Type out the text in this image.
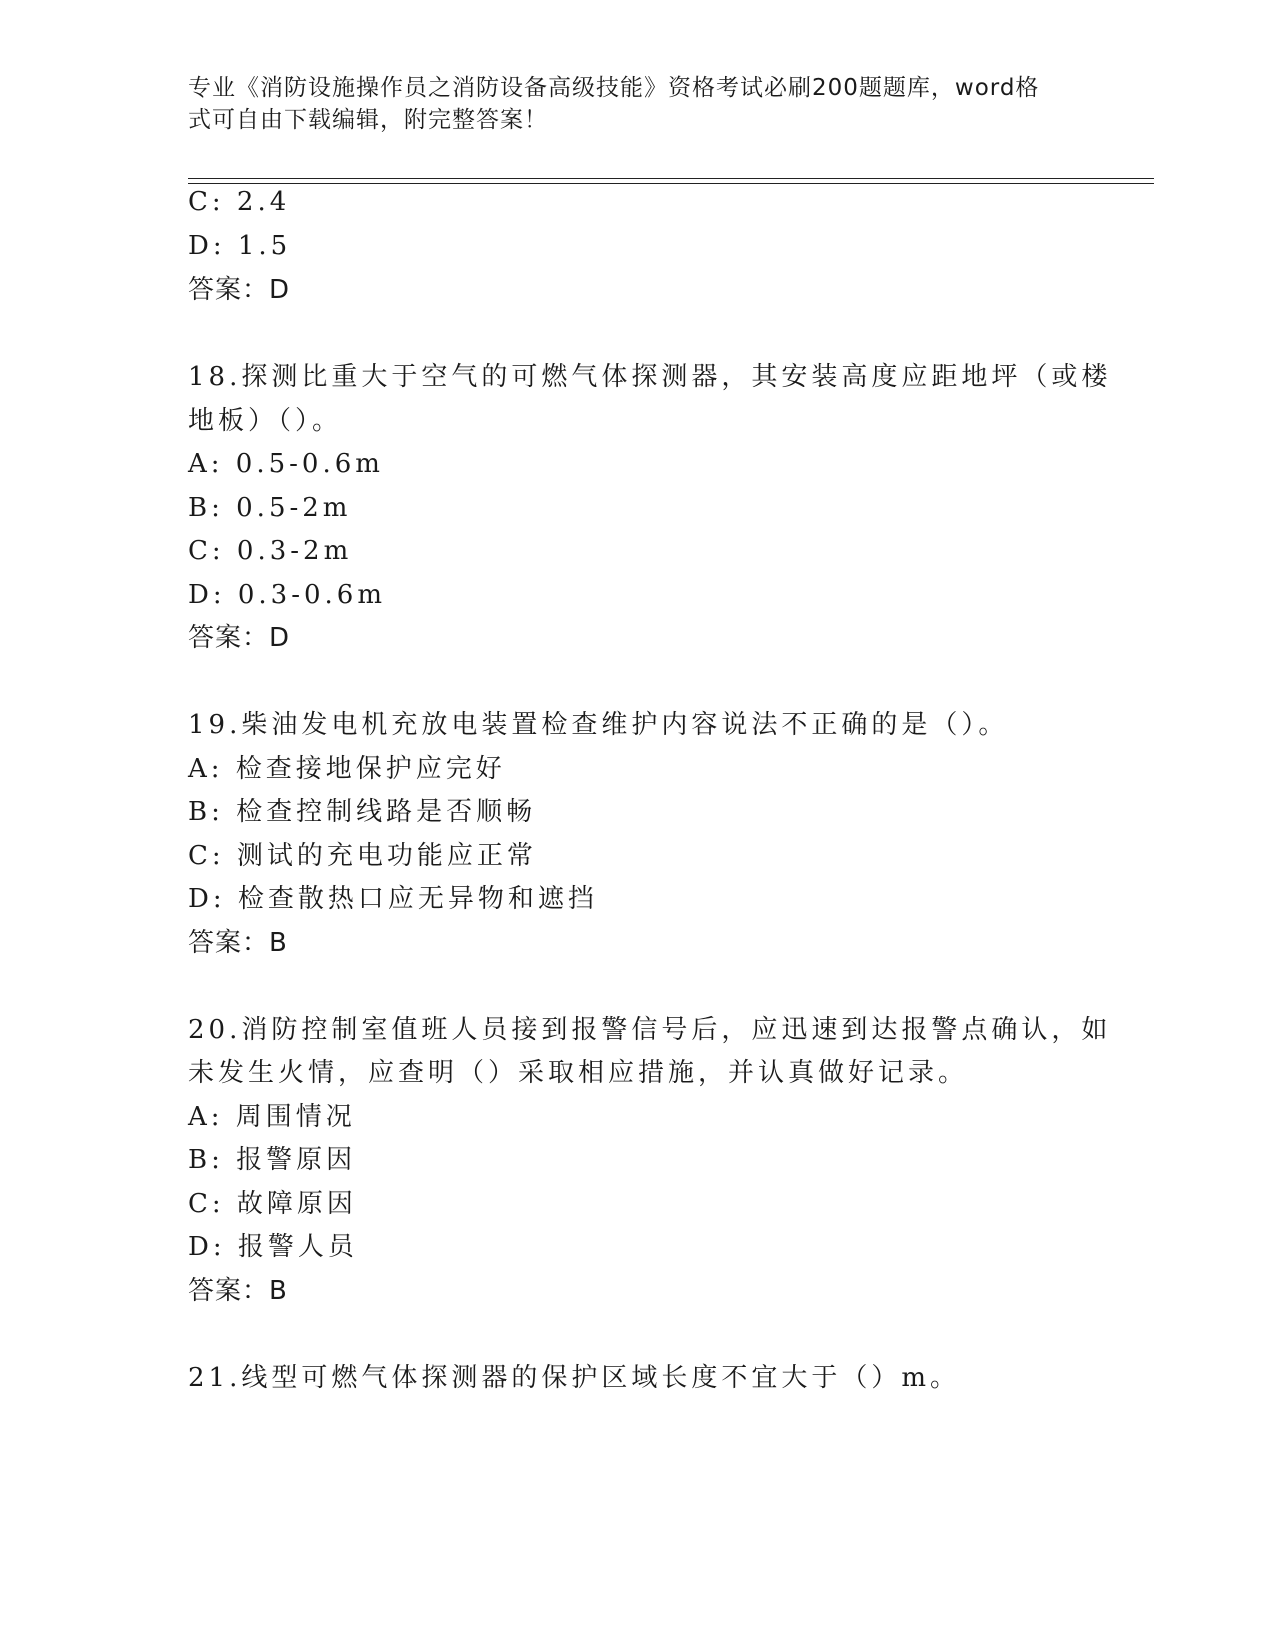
专业《消防设施操作员之消防设备高级技能》资格考试必刷200题题库，word格
式可自由下载编辑，附完整答案！
C: 2.4
D: 1.5
答案：D
18.探测比重大于空气的可燃气体探测器，其安装高度应距地坪（或楼
地板）（）。
A: 0.5-0.6m
B: 0.5-2m
C: 0.3-2m
D: 0.3-0.6m
答案：D
19.柴油发电机充放电装置检查维护内容说法不正确的是（）。
A: 检查接地保护应完好
B: 检查控制线路是否顺畅
C: 测试的充电功能应正常
D: 检查散热口应无异物和遮挡
答案：B
20.消防控制室值班人员接到报警信号后，应迅速到达报警点确认，如
未发生火情，应查明（）采取相应措施，并认真做好记录。
A: 周围情况
B: 报警原因
C: 故障原因
D: 报警人员
答案：B
21.线型可燃气体探测器的保护区域长度不宜大于（）m。
